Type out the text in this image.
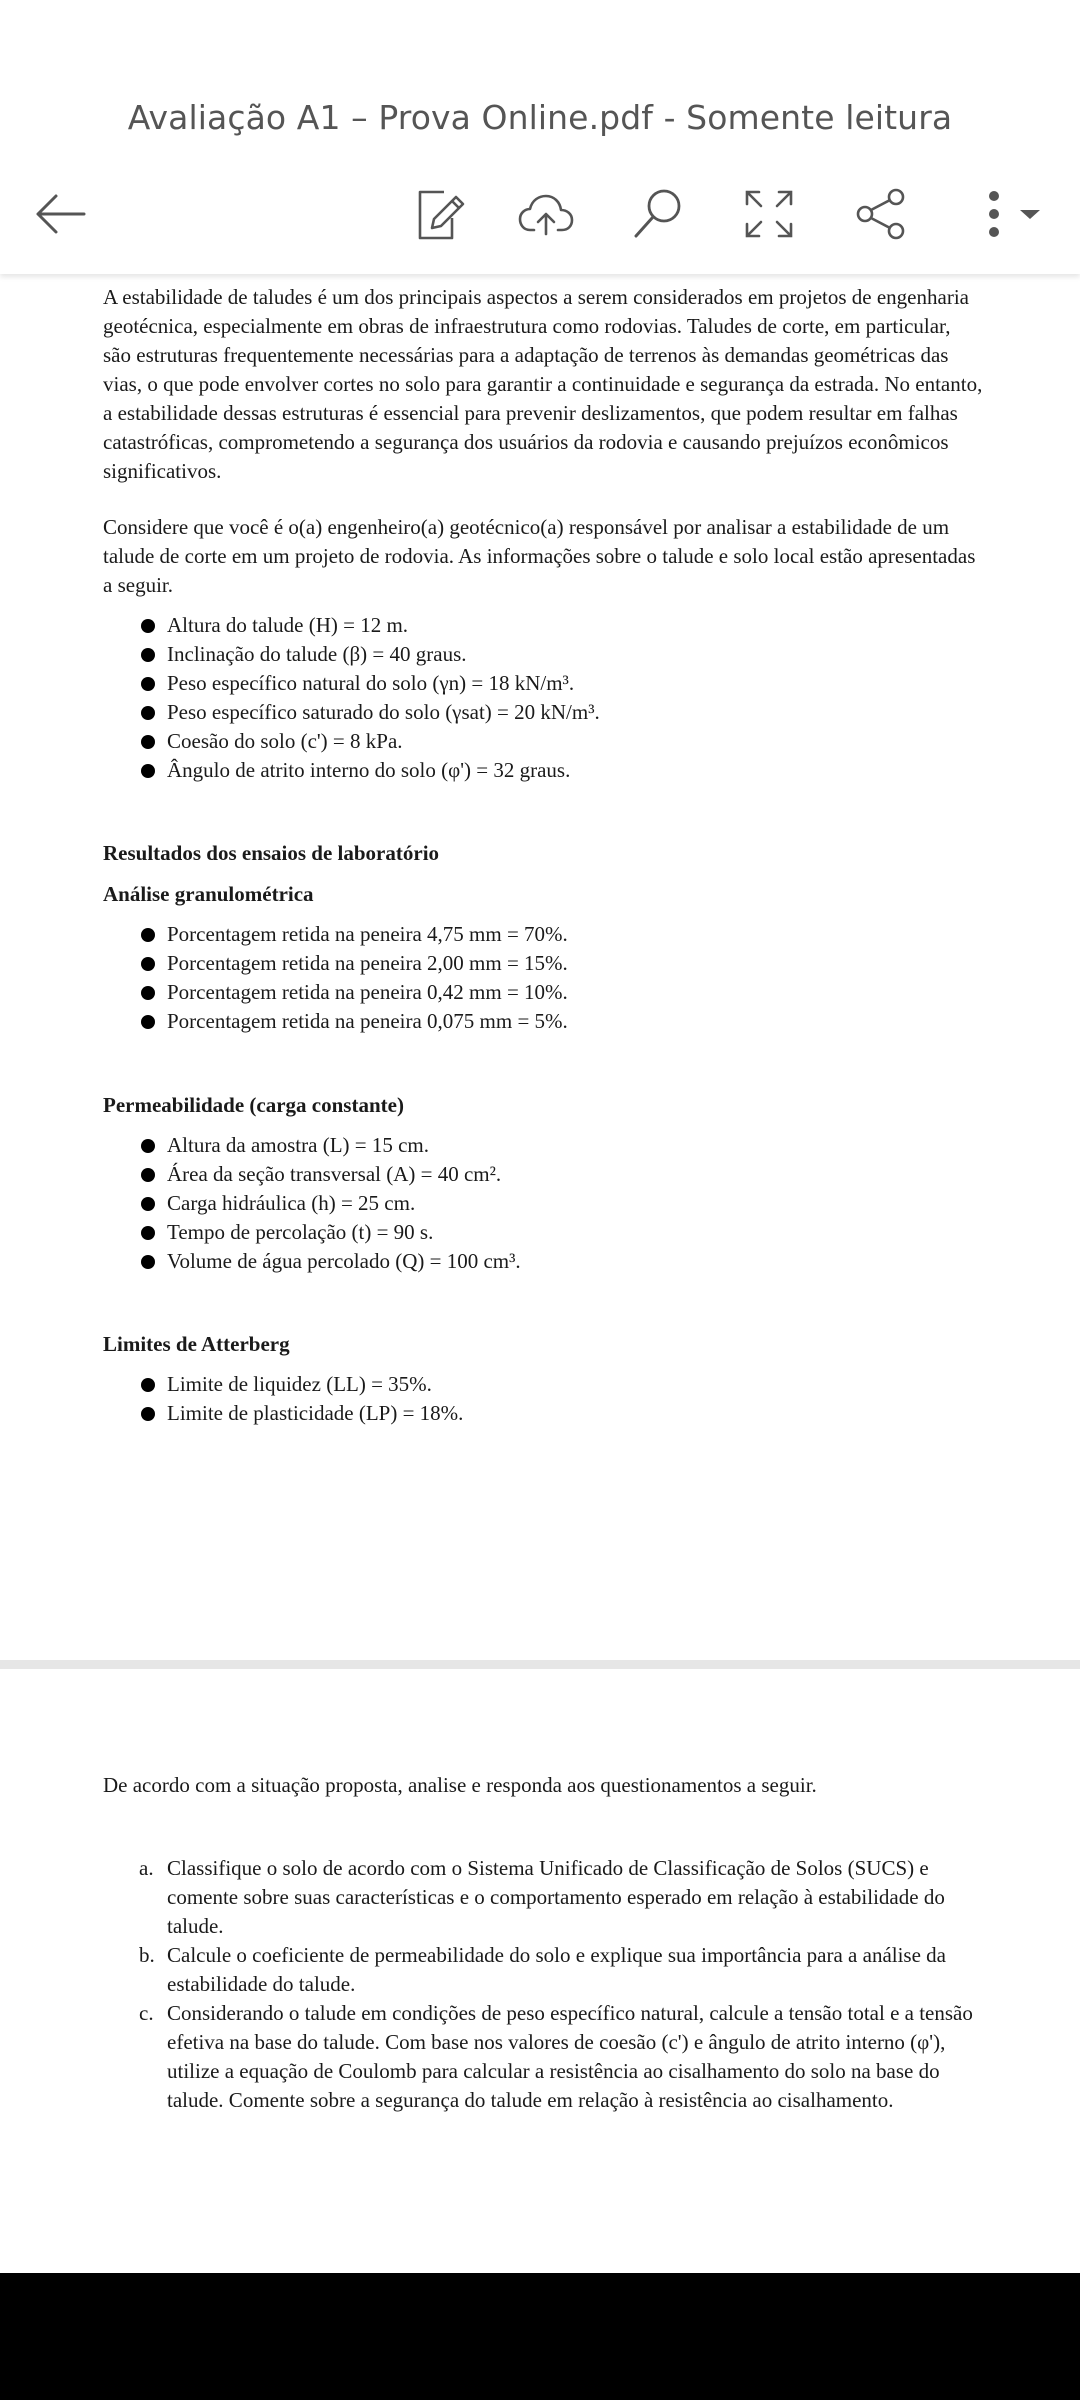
Avaliação A1 – Prova Online.pdf - Somente leitura

A estabilidade de taludes é um dos principais aspectos a serem considerados em projetos de engenharia geotécnica, especialmente em obras de infraestrutura como rodovias. Taludes de corte, em particular, são estruturas frequentemente necessárias para a adaptação de terrenos às demandas geométricas das vias, o que pode envolver cortes no solo para garantir a continuidade e segurança da estrada. No entanto, a estabilidade dessas estruturas é essencial para prevenir deslizamentos, que podem resultar em falhas catastróficas, comprometendo a segurança dos usuários da rodovia e causando prejuízos econômicos significativos.

Considere que você é o(a) engenheiro(a) geotécnico(a) responsável por analisar a estabilidade de um talude de corte em um projeto de rodovia. As informações sobre o talude e solo local estão apresentadas a seguir.

Altura do talude (H) = 12 m.
Inclinação do talude (β) = 40 graus.
Peso específico natural do solo (γn) = 18 kN/m³.
Peso específico saturado do solo (γsat) = 20 kN/m³.
Coesão do solo (c') = 8 kPa.
Ângulo de atrito interno do solo (φ') = 32 graus.
Resultados dos ensaios de laboratório
Análise granulométrica
Porcentagem retida na peneira 4,75 mm = 70%.
Porcentagem retida na peneira 2,00 mm = 15%.
Porcentagem retida na peneira 0,42 mm = 10%.
Porcentagem retida na peneira 0,075 mm = 5%.
Permeabilidade (carga constante)
Altura da amostra (L) = 15 cm.
Área da seção transversal (A) = 40 cm².
Carga hidráulica (h) = 25 cm.
Tempo de percolação (t) = 90 s.
Volume de água percolado (Q) = 100 cm³.
Limites de Atterberg
Limite de liquidez (LL) = 35%.
Limite de plasticidade (LP) = 18%.
De acordo com a situação proposta, analise e responda aos questionamentos a seguir.
a. Classifique o solo de acordo com o Sistema Unificado de Classificação de Solos (SUCS) e comente sobre suas características e o comportamento esperado em relação à estabilidade do talude.
b. Calcule o coeficiente de permeabilidade do solo e explique sua importância para a análise da estabilidade do talude.
c. Considerando o talude em condições de peso específico natural, calcule a tensão total e a tensão efetiva na base do talude. Com base nos valores de coesão (c') e ângulo de atrito interno (φ'), utilize a equação de Coulomb para calcular a resistência ao cisalhamento do solo na base do talude. Comente sobre a segurança do talude em relação à resistência ao cisalhamento.
